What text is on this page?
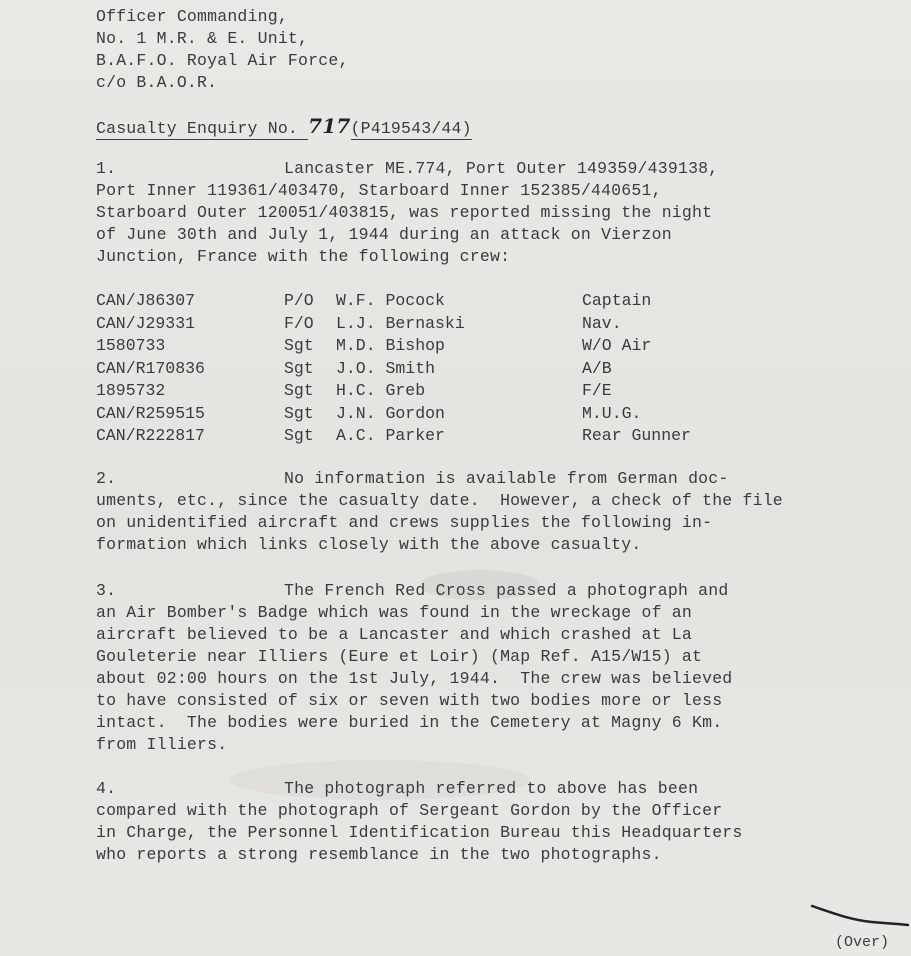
Officer Commanding,
No. 1 M.R. & E. Unit,
B.A.F.O. Royal Air Force,
c/o B.A.O.R.
Casualty Enquiry No. 717(P419543/44)
1.	Lancaster ME.774, Port Outer 149359/439138,
Port Inner 119361/403470, Starboard Inner 152385/440651,
Starboard Outer 120051/403815, was reported missing the night
of June 30th and July 1, 1944 during an attack on Vierzon
Junction, France with the following crew:
CAN/J86307	P/O	W.F. Pocock	Captain
CAN/J29331	F/O	L.J. Bernaski	Nav.
1580733	Sgt	M.D. Bishop	W/O Air
CAN/R170836	Sgt	J.O. Smith	A/B
1895732	Sgt	H.C. Greb	F/E
CAN/R259515	Sgt	J.N. Gordon	M.U.G.
CAN/R222817	Sgt	A.C. Parker	Rear Gunner
2.	No information is available from German doc-
uments, etc., since the casualty date.  However, a check of the file
on unidentified aircraft and crews supplies the following in-
formation which links closely with the above casualty.
3.	The French Red Cross passed a photograph and
an Air Bomber's Badge which was found in the wreckage of an
aircraft believed to be a Lancaster and which crashed at La
Gouleterie near Illiers (Eure et Loir) (Map Ref. A15/W15) at
about 02:00 hours on the 1st July, 1944.  The crew was believed
to have consisted of six or seven with two bodies more or less
intact.  The bodies were buried in the Cemetery at Magny 6 Km.
from Illiers.
4.	The photograph referred to above has been
compared with the photograph of Sergeant Gordon by the Officer
in Charge, the Personnel Identification Bureau this Headquarters
who reports a strong resemblance in the two photographs.
(Over)
